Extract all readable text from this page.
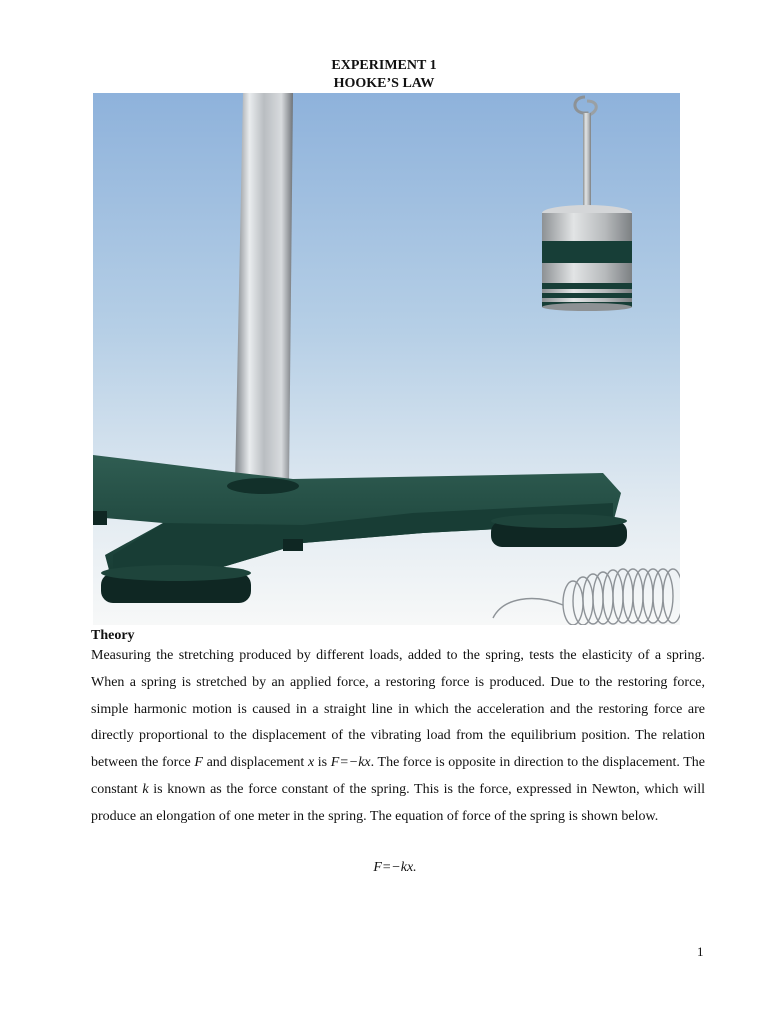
EXPERIMENT 1
HOOKE’S LAW
Theory

Measuring the stretching produced by different loads, added to the spring, tests the elasticity of a spring. When a spring is stretched by an applied force, a restoring force is produced. Due to the restoring force, simple harmonic motion is caused in a straight line in which the acceleration and the restoring force are directly proportional to the displacement of the vibrating load from the equilibrium position. The relation between the force F and displacement x is F=−kx. The force is opposite in direction to the displacement. The constant k is known as the force constant of the spring. This is the force, expressed in Newton, which will produce an elongation of one meter in the spring. The equation of force of the spring is shown below.

F=−kx.
1
